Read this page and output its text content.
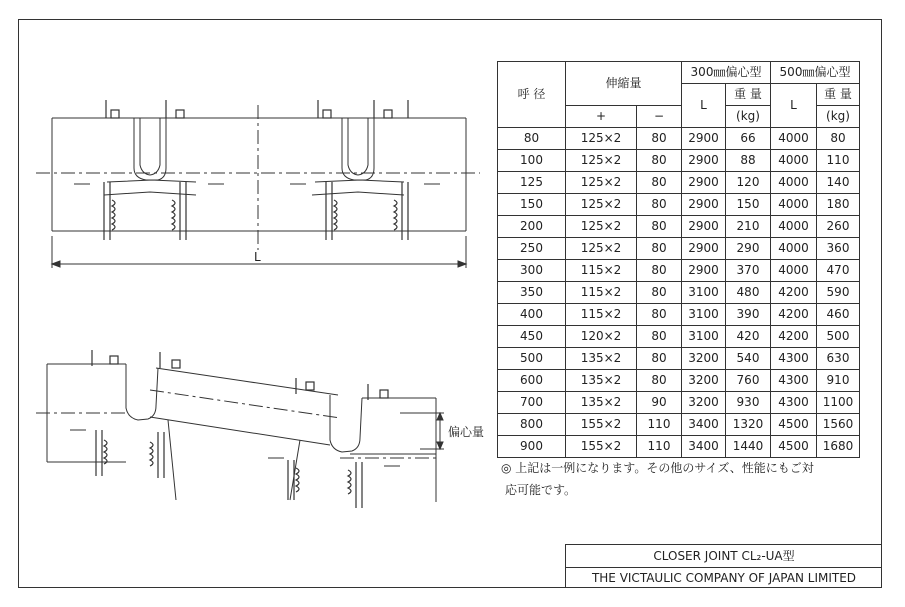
L
偏心量
呼 径	伸縮量		300㎜偏心型		500㎜偏心型	
			L	重 量	L	重 量
	+	−		(kg)		(kg)
80	125×2	80	2900	66	4000	80
100	125×2	80	2900	88	4000	110
125	125×2	80	2900	120	4000	140
150	125×2	80	2900	150	4000	180
200	125×2	80	2900	210	4000	260
250	125×2	80	2900	290	4000	360
300	115×2	80	2900	370	4000	470
350	115×2	80	3100	480	4200	590
400	115×2	80	3100	390	4200	460
450	120×2	80	3100	420	4200	500
500	135×2	80	3200	540	4300	630
600	135×2	80	3200	760	4300	910
700	135×2	90	3200	930	4300	1100
800	155×2	110	3400	1320	4500	1560
900	155×2	110	3400	1440	4500	1680
◎ 上記は一例になります。その他のサイズ、性能にもご対
応可能です。
CLOSER JOINT CL₂-UA型
THE VICTAULIC COMPANY OF JAPAN LIMITED
